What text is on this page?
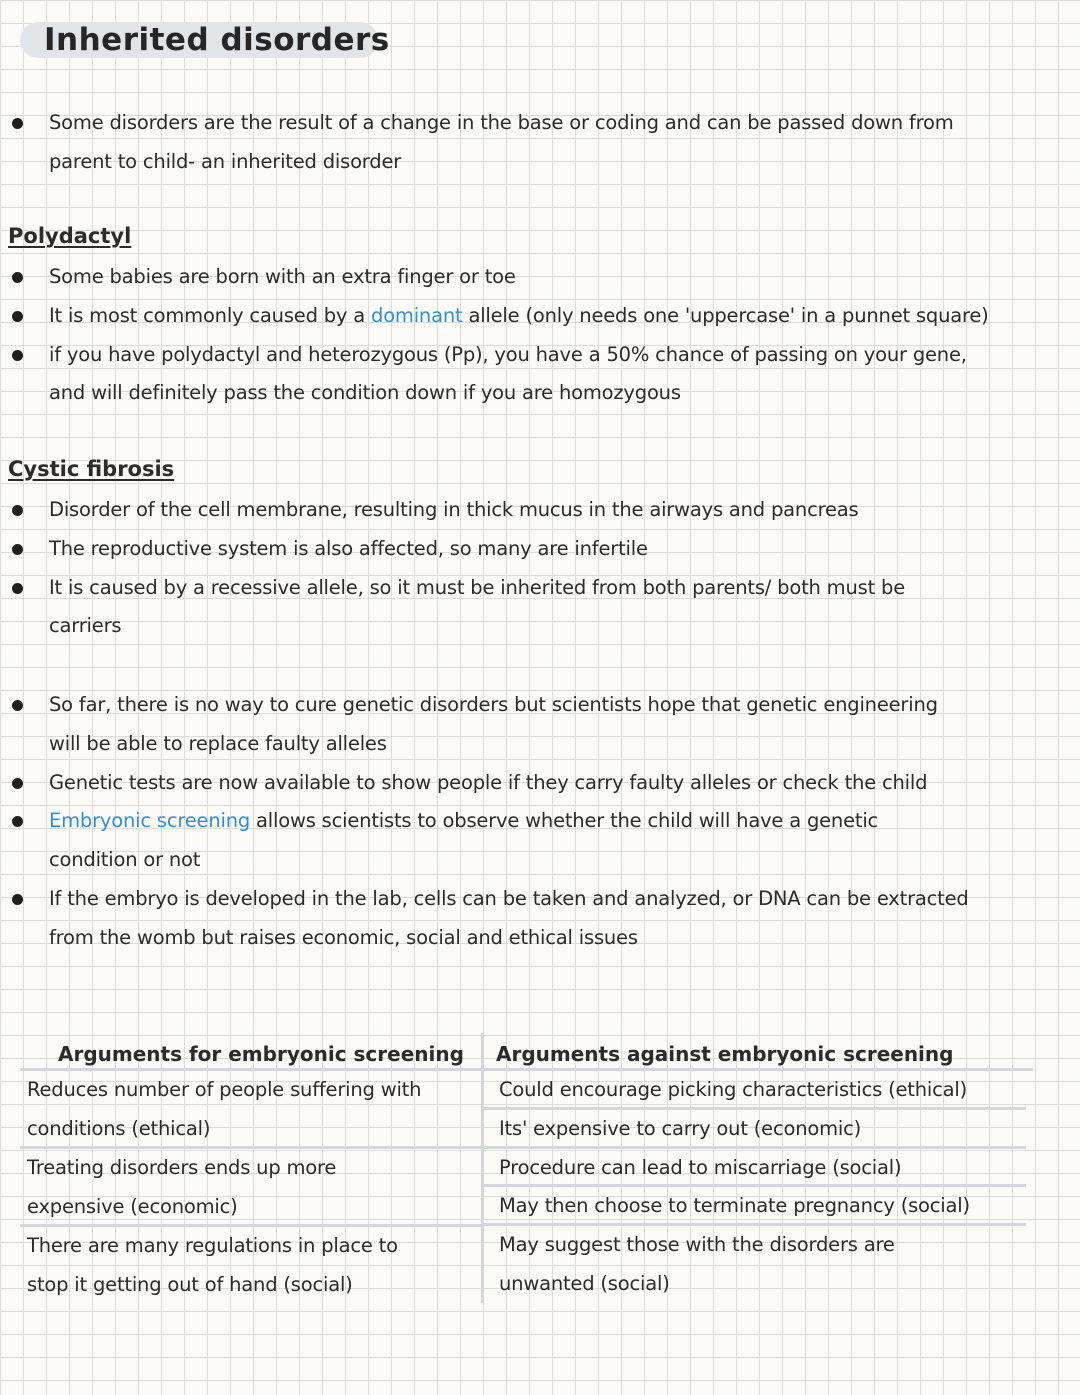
Inherited disorders
Some disorders are the result of a change in the base or coding and can be passed down from
parent to child- an inherited disorder
Polydactyl
Some babies are born with an extra finger or toe
It is most commonly caused by a dominant allele (only needs one 'uppercase' in a punnet square)
if you have polydactyl and heterozygous (Pp), you have a 50% chance of passing on your gene,
and will definitely pass the condition down if you are homozygous
Cystic fibrosis
Disorder of the cell membrane, resulting in thick mucus in the airways and pancreas
The reproductive system is also affected, so many are infertile
It is caused by a recessive allele, so it must be inherited from both parents/ both must be
carriers
So far, there is no way to cure genetic disorders but scientists hope that genetic engineering
will be able to replace faulty alleles
Genetic tests are now available to show people if they carry faulty alleles or check the child
Embryonic screening allows scientists to observe whether the child will have a genetic
condition or not
If the embryo is developed in the lab, cells can be taken and analyzed, or DNA can be extracted
from the womb but raises economic, social and ethical issues
Arguments for embryonic screening
Reduces number of people suffering with
conditions (ethical)
Treating disorders ends up more
expensive (economic)
There are many regulations in place to
stop it getting out of hand (social)
Arguments against embryonic screening
Could encourage picking characteristics (ethical)
Its' expensive to carry out (economic)
Procedure can lead to miscarriage (social)
May then choose to terminate pregnancy (social)
May suggest those with the disorders are
unwanted (social)
